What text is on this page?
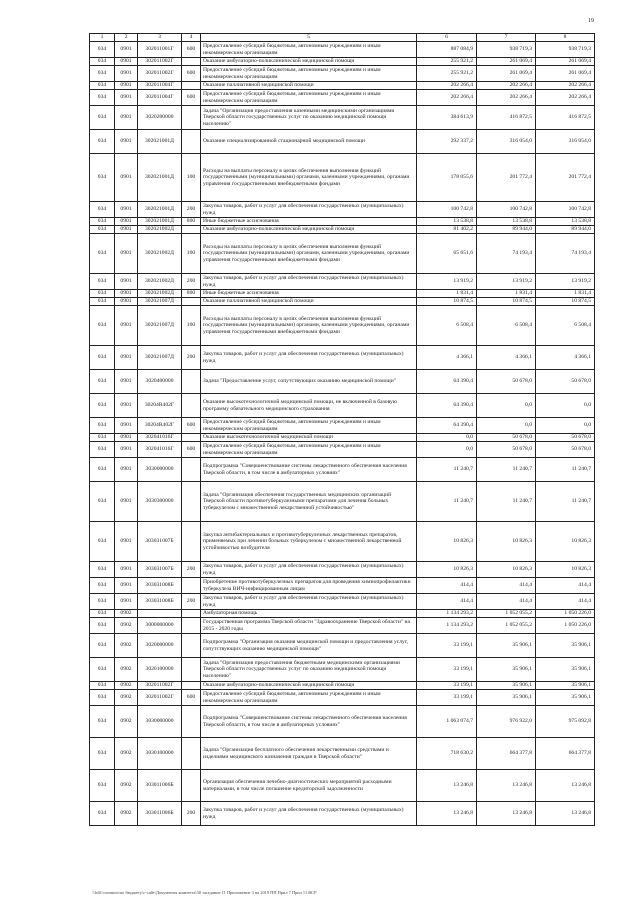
19
1	2	3	4	5	6	7	8
034	0901	302011001Г	600	Предоставление субсидий бюджетным, автономным учреждениям и иным некоммерческим организациям	887 084,9	938 719,3	938 719,3
034	0901	302011002Г		Оказание амбулаторно-поликлинической медицинской помощи	255 921,2	261 069,4	261 069,4
034	0901	302011002Г	600	Предоставление субсидий бюджетным, автономным учреждениям и иным некоммерческим организациям	255 921,2	261 069,4	261 069,4
034	0901	302011004Г		Оказание паллиативной медицинской помощи	202 266,4	202 266,4	202 266,4
034	0901	302011004Г	600	Предоставление субсидий бюджетным, автономным учреждениям и иным некоммерческим организациям	202 266,4	202 266,4	202 266,4
034	0901	3020200000		Задача "Организация предоставления казенными медицинскими организациями Тверской области государственных услуг по оказанию медицинской помощи населению"	384 613,9	416 872,5	416 872,5
034	0901	302021001Д		Оказание специализированной стационарной медицинской помощи	292 337,2	316 054,0	316 054,0
034	0901	302021001Д	100	Расходы на выплаты персоналу в целях обеспечения выполнения функций государственными (муниципальными) органами, казенными учреждениями, органами управления государственными внебюджетными фондами	178 055,6	201 772,4	201 772,4
034	0901	302021001Д	200	Закупка товаров, работ и услуг для обеспечения государственных (муниципальных) нужд	100 742,8	100 742,8	100 742,8
034	0901	302021001Д	800	Иные бюджетные ассигнования	13 538,8	13 538,8	13 538,8
034	0901	302021002Д		Оказание амбулаторно-поликлинической медицинской помощи	81 402,2	89 944,0	89 944,0
034	0901	302021002Д	100	Расходы на выплаты персоналу в целях обеспечения выполнения функций государственными (муниципальными) органами, казенными учреждениями, органами управления государственными внебюджетными фондами	65 651,6	74 193,4	74 193,4
034	0901	302021002Д	200	Закупка товаров, работ и услуг для обеспечения государственных (муниципальных) нужд	13 919,2	13 919,2	13 919,2
034	0901	302021002Д	800	Иные бюджетные ассигнования	1 831,4	1 831,4	1 831,4
034	0901	302021007Д		Оказание паллиативной медицинской помощи	10 874,5	10 874,5	10 874,5
034	0901	302021007Д	100	Расходы на выплаты персоналу в целях обеспечения выполнения функций государственными (муниципальными) органами, казенными учреждениями, органами управления государственными внебюджетными фондами	6 508,4	6 508,4	6 508,4
034	0901	302021007Д	200	Закупка товаров, работ и услуг для обеспечения государственных (муниципальных) нужд	4 366,1	4 366,1	4 366,1
034	0901	3020400000		Задача "Предоставление услуг, сопутствующих оказанию медицинской помощи"	64 390,4	50 678,0	50 678,0
034	0901	30204R402Г		Оказание высокотехнологичной медицинской помощи, не включенной в базовую программу обязательного медицинского страхования	64 390,4	0,0	0,0
034	0901	30204R402Г	600	Предоставление субсидий бюджетным, автономным учреждениям и иным некоммерческим организациям	64 390,4	0,0	0,0
034	0901	302041016Г		Оказание высокотехнологичной медицинской помощи	0,0	50 678,0	50 678,0
034	0901	302041016Г	600	Предоставление субсидий бюджетным, автономным учреждениям и иным некоммерческим организациям	0,0	50 678,0	50 678,0
034	0901	3030000000		Подпрограмма "Совершенствование системы лекарственного обеспечения населения Тверской области, в том числе в амбулаторных условиях"	11 240,7	11 240,7	11 240,7
034	0901	3030300000		Задача "Организация обеспечения государственных медицинских организаций Тверской области противотуберкулезными препаратами для лечения больных туберкулезом с множественной лекарственной устойчивостью"	11 240,7	11 240,7	11 240,7
034	0901	303031007Б		Закупка антибактериальных и противотуберкулезных лекарственных препаратов, применяемых при лечении больных туберкулезом с множественной лекарственной устойчивостью возбудителя	10 826,3	10 826,3	10 826,3
034	0901	303031007Б	200	Закупка товаров, работ и услуг для обеспечения государственных (муниципальных) нужд	10 826,3	10 826,3	10 826,3
034	0901	303031008Б		Приобретение противотуберкулезных препаратов для проведения химиопрофилактики туберкулеза ВИЧ-инфицированным лицам	414,4	414,4	414,4
034	0901	303031008Б	200	Закупка товаров, работ и услуг для обеспечения государственных (муниципальных) нужд	414,4	414,4	414,4
034	0902			Амбулаторная помощь	1 134 293,2	1 052 055,2	1 050 226,0
034	0902	3000000000		Государственная программа Тверской области "Здравоохранение Тверской области" на 2015 - 2020 годы	1 134 293,2	1 052 055,2	1 050 226,0
034	0902	3020000000		Подпрограмма "Организация оказания медицинской помощи и предоставления услуг, сопутствующих оказанию медицинской помощи"	33 199,1	35 906,1	35 906,1
034	0902	3020100000		Задача "Организация предоставления бюджетными медицинскими организациями Тверской области государственных услуг по оказанию медицинской помощи населению"	33 199,1	35 906,1	35 906,1
034	0902	302011002Г		Оказание амбулаторно-поликлинической медицинской помощи	33 199,1	35 906,1	35 906,1
034	0902	302011002Г	600	Предоставление субсидий бюджетным, автономным учреждениям и иным некоммерческим организациям	33 199,1	35 906,1	35 906,1
034	0902	3030000000		Подпрограмма "Совершенствование системы лекарственного обеспечения населения Тверской области, в том числе в амбулаторных условиях"	1 063 074,7	976 922,0	975 092,8
034	0902	3030100000		Задача "Организация бесплатного обеспечения лекарственными средствами и изделиями медицинского назначения граждан в Тверской области"	718 630,2	664 377,8	664 377,8
034	0902	303011006Б		Организация обеспечения лечебно-диагностических мероприятий расходными материалами, в том числе погашение кредиторской задолженности	13 246,8	13 246,8	13 246,8
034	0902	303011006Б	200	Закупка товаров, работ и услуг для обеспечения государственных (муниципальных) нужд	13 246,8	13 246,8	13 246,8
\\fs01\common\по бюджету\с-сайт\Документы комитета\30 заседание 11 Приложение 3 на 2019 ПП Прил 7 Прил 11.RCP
